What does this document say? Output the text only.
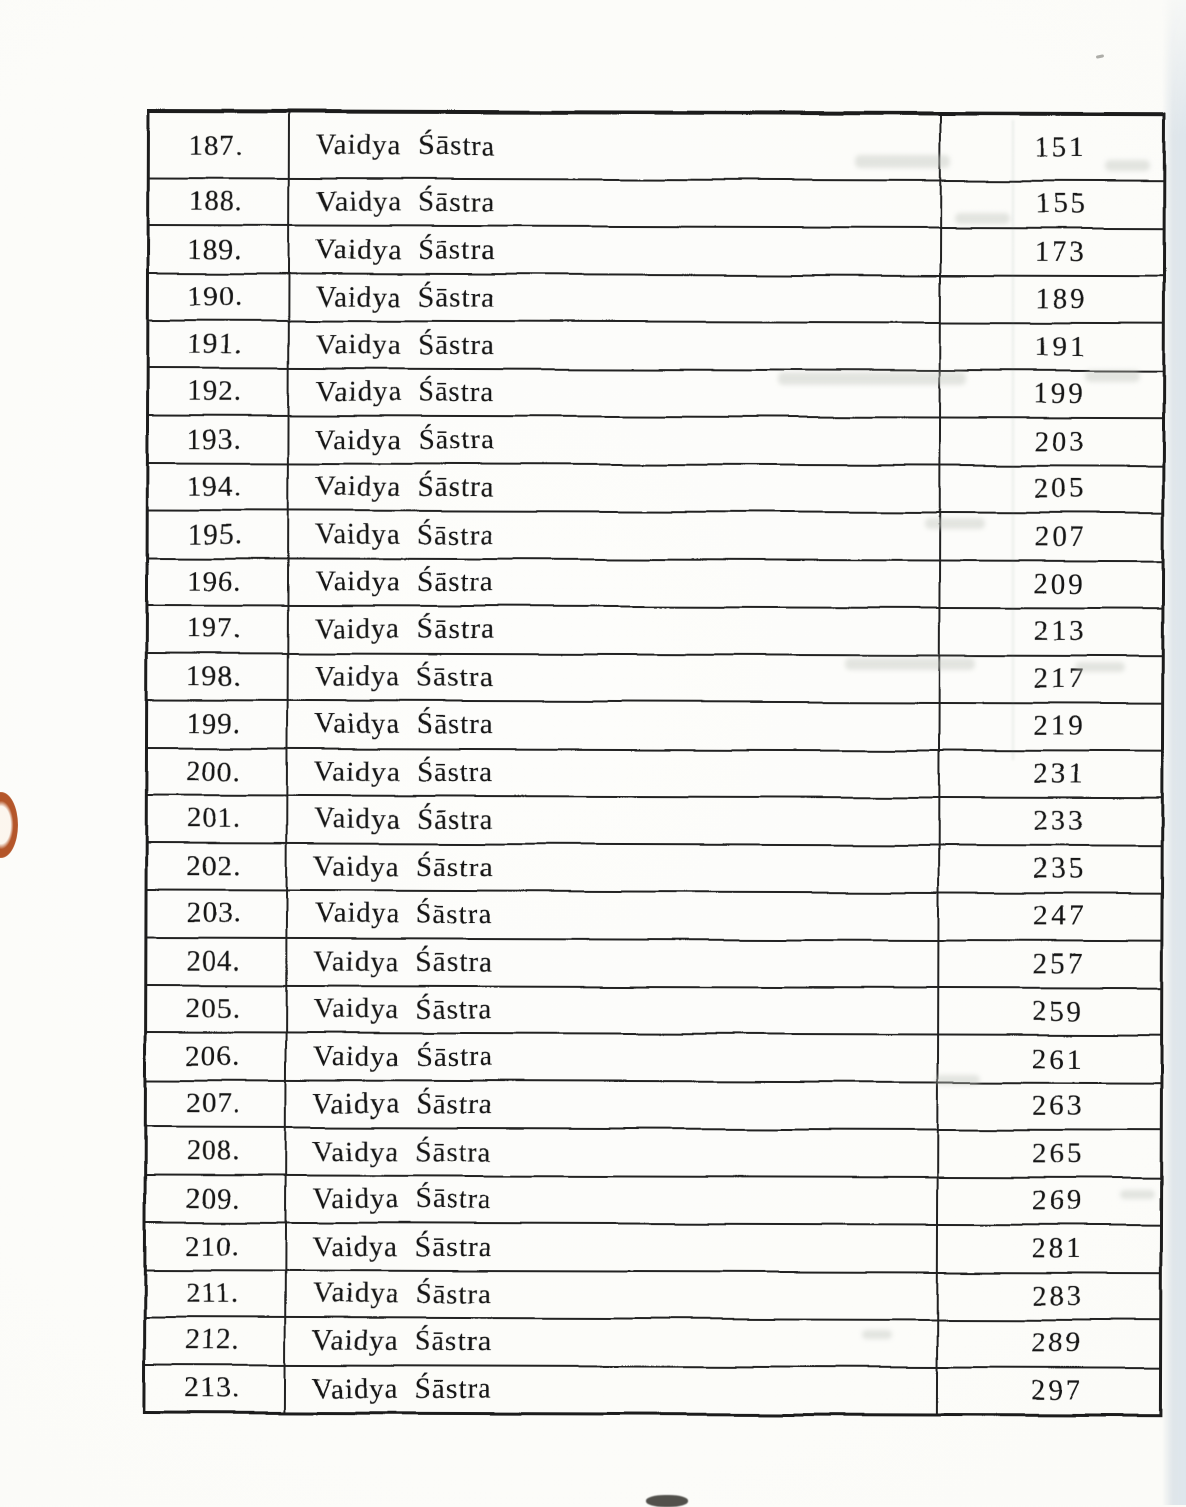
187.	Vaidya Śāstra	151
188.	Vaidya Śāstra	155
189.	Vaidya Śāstra	173
190.	Vaidya Śāstra	189
191.	Vaidya Śāstra	191
192.	Vaidya Śāstra	199
193.	Vaidya Śāstra	203
194.	Vaidya Śāstra	205
195.	Vaidya Śāstra	207
196.	Vaidya Śāstra	209
197.	Vaidya Śāstra	213
198.	Vaidya Śāstra	217
199.	Vaidya Śāstra	219
200.	Vaidya Śāstra	231
201.	Vaidya Śāstra	233
202.	Vaidya Śāstra	235
203.	Vaidya Śāstra	247
204.	Vaidya Śāstra	257
205.	Vaidya Śāstra	259
206.	Vaidya Śāstra	261
207.	Vaidya Śāstra	263
208.	Vaidya Śāstra	265
209.	Vaidya Śāstra	269
210.	Vaidya Śāstra	281
211.	Vaidya Śāstra	283
212.	Vaidya Śāstra	289
213.	Vaidya Śāstra	297
